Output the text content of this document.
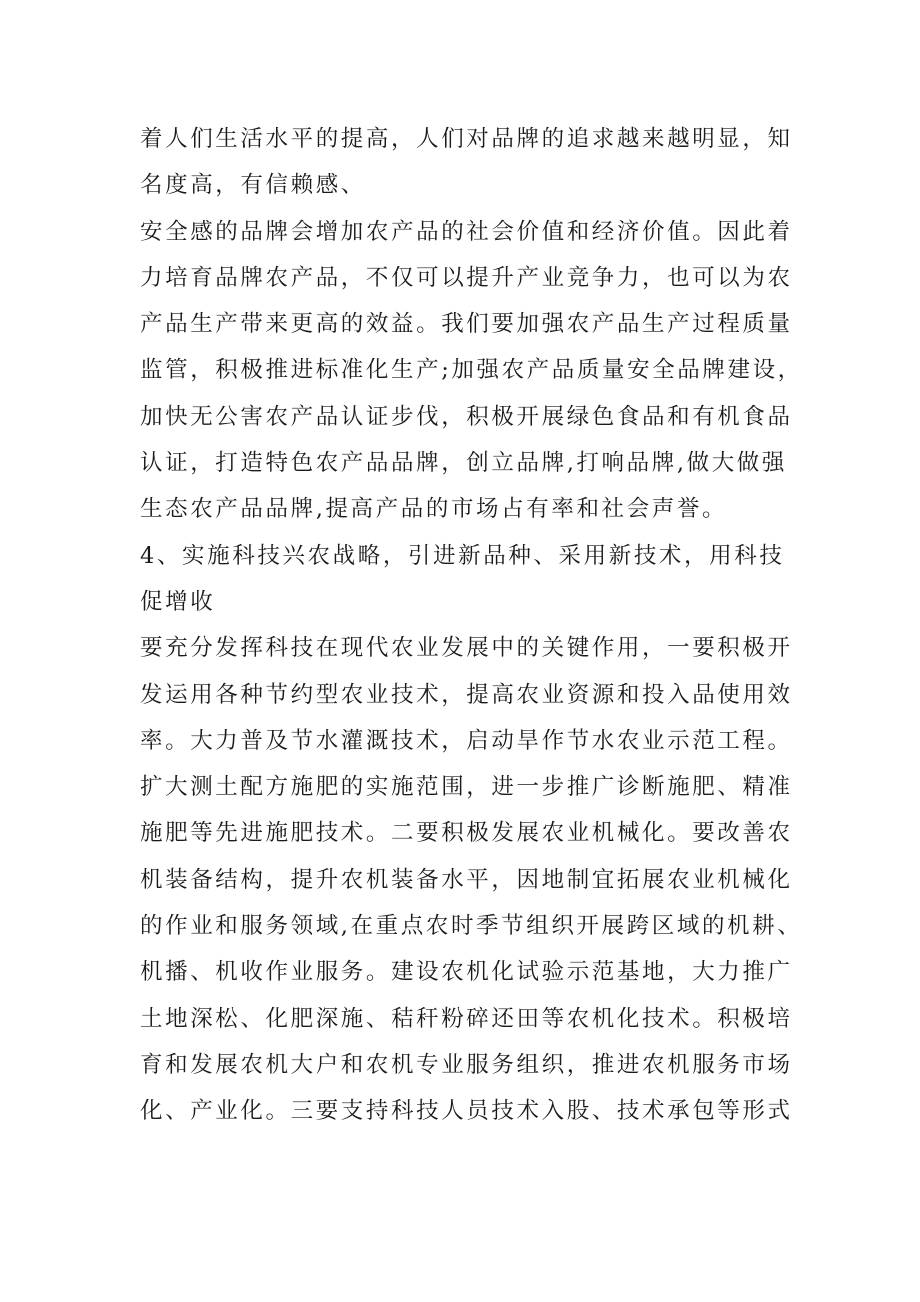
着人们生活水平的提高，人们对品牌的追求越来越明显，知
名度高，有信赖感、
安全感的品牌会增加农产品的社会价值和经济价值。因此着
力培育品牌农产品，不仅可以提升产业竞争力，也可以为农
产品生产带来更高的效益。我们要加强农产品生产过程质量
监管，积极推进标准化生产;加强农产品质量安全品牌建设，
加快无公害农产品认证步伐，积极开展绿色食品和有机食品
认证，打造特色农产品品牌，创立品牌,打响品牌,做大做强
生态农产品品牌,提高产品的市场占有率和社会声誉。
4、实施科技兴农战略，引进新品种、采用新技术，用科技
促增收
要充分发挥科技在现代农业发展中的关键作用，一要积极开
发运用各种节约型农业技术，提高农业资源和投入品使用效
率。大力普及节水灌溉技术，启动旱作节水农业示范工程。
扩大测土配方施肥的实施范围，进一步推广诊断施肥、精准
施肥等先进施肥技术。二要积极发展农业机械化。要改善农
机装备结构，提升农机装备水平，因地制宜拓展农业机械化
的作业和服务领域,在重点农时季节组织开展跨区域的机耕、
机播、机收作业服务。建设农机化试验示范基地，大力推广
土地深松、化肥深施、秸秆粉碎还田等农机化技术。积极培
育和发展农机大户和农机专业服务组织，推进农机服务市场
化、产业化。三要支持科技人员技术入股、技术承包等形式
